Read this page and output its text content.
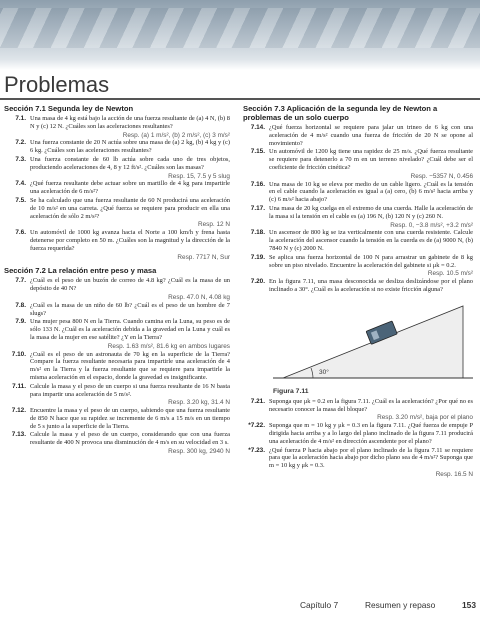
Problemas
Sección 7.1 Segunda ley de Newton
7.1. Una masa de 4 kg está bajo la acción de una fuerza resultante de (a) 4 N, (b) 8 N y (c) 12 N. ¿Cuáles son las aceleraciones resultantes?
Resp. (a) 1 m/s², (b) 2 m/s², (c) 3 m/s²
7.2. Una fuerza constante de 20 N actúa sobre una masa de (a) 2 kg, (b) 4 kg y (c) 6 kg. ¿Cuáles son las aceleraciones resultantes?
7.3. Una fuerza constante de 60 lb actúa sobre cada uno de tres objetos, produciendo aceleraciones de 4, 8 y 12 ft/s². ¿Cuáles son las masas?
Resp. 15, 7.5 y 5 slug
7.4. ¿Qué fuerza resultante debe actuar sobre un martillo de 4 kg para impartirle una aceleración de 6 m/s²?
7.5. Se ha calculado que una fuerza resultante de 60 N producirá una aceleración de 10 m/s² en una carreta. ¿Qué fuerza se requiere para producir en ella una aceleración de sólo 2 m/s²?
Resp. 12 N
7.6. Un automóvil de 1000 kg avanza hacia el Norte a 100 km/h y frena hasta detenerse por completo en 50 m. ¿Cuáles son la magnitud y la dirección de la fuerza requerida?
Resp. 7717 N, Sur
Sección 7.2 La relación entre peso y masa
7.7. ¿Cuál es el peso de un buzón de correo de 4.8 kg? ¿Cuál es la masa de un depósito de 40 N?
Resp. 47.0 N, 4.08 kg
7.8. ¿Cuál es la masa de un niño de 60 lb? ¿Cuál es el peso de un hombre de 7 slugs?
7.9. Una mujer pesa 800 N en la Tierra. Cuando camina en la Luna, su peso es de sólo 133 N. ¿Cuál es la aceleración debida a la gravedad en la Luna y cuál es la masa de la mujer en ese satélite? ¿Y en la Tierra?
Resp. 1.63 m/s², 81.6 kg en ambos lugares
7.10. ¿Cuál es el peso de un astronauta de 70 kg en la superficie de la Tierra? Compare la fuerza resultante necesaria para impartirle una aceleración de 4 m/s² en la Tierra y la fuerza resultante que se requiere para impartirle la misma aceleración en el espacio, donde la gravedad es insignificante.
7.11. Calcule la masa y el peso de un cuerpo si una fuerza resultante de 16 N basta para impartir una aceleración de 5 m/s².
Resp. 3.20 kg, 31.4 N
7.12. Encuentre la masa y el peso de un cuerpo, sabiendo que una fuerza resultante de 850 N hace que su rapidez se incremente de 6 m/s a 15 m/s en un tiempo de 5 s junto a la superficie de la Tierra.
7.13. Calcule la masa y el peso de un cuerpo, considerando que con una fuerza resultante de 400 N provoca una disminución de 4 m/s en su velocidad en 3 s.
Resp. 300 kg, 2940 N
Sección 7.3 Aplicación de la segunda ley de Newton a problemas de un solo cuerpo
7.14. ¿Qué fuerza horizontal se requiere para jalar un trineo de 6 kg con una aceleración de 4 m/s² cuando una fuerza de fricción de 20 N se opone al movimiento?
7.15. Un automóvil de 1200 kg tiene una rapidez de 25 m/s. ¿Qué fuerza resultante se requiere para detenerlo a 70 m en un terreno nivelado? ¿Cuál debe ser el coeficiente de fricción cinética?
Resp. −5357 N, 0.456
7.16. Una masa de 10 kg se eleva por medio de un cable ligero. ¿Cuál es la tensión en el cable cuando la aceleración es igual a (a) cero, (b) 6 m/s² hacia arriba y (c) 6 m/s² hacia abajo?
7.17. Una masa de 20 kg cuelga en el extremo de una cuerda. Halle la aceleración de la masa si la tensión en el cable es (a) 196 N, (b) 120 N y (c) 260 N.
Resp. 0, −3.8 m/s², +3.2 m/s²
7.18. Un ascensor de 800 kg se iza verticalmente con una cuerda resistente. Calcule la aceleración del ascensor cuando la tensión en la cuerda es de (a) 9000 N, (b) 7840 N y (c) 2000 N.
7.19. Se aplica una fuerza horizontal de 100 N para arrastrar un gabinete de 8 kg sobre un piso nivelado. Encuentre la aceleración del gabinete si μk = 0.2.
Resp. 10.5 m/s²
7.20. En la figura 7.11, una masa desconocida se desliza deslizándose por el plano inclinado a 30°. ¿Cuál es la aceleración si no existe fricción alguna?
30°
Figura 7.11
7.21. Suponga que μk = 0.2 en la figura 7.11. ¿Cuál es la aceleración? ¿Por qué no es necesario conocer la masa del bloque?
Resp. 3.20 m/s², baja por el plano
*7.22. Suponga que m = 10 kg y μk = 0.3 en la figura 7.11. ¿Qué fuerza de empuje P dirigida hacia arriba y a lo largo del plano inclinado de la figura 7.11 producirá una aceleración de 4 m/s² en dirección ascendente por el plano?
*7.23. ¿Qué fuerza P hacia abajo por el plano inclinado de la figura 7.11 se requiere para que la aceleración hacia abajo por dicho plano sea de 4 m/s²? Suponga que m = 10 kg y μk = 0.3.
Resp. 16.5 N
Capítulo 7	Resumen y repaso	153
